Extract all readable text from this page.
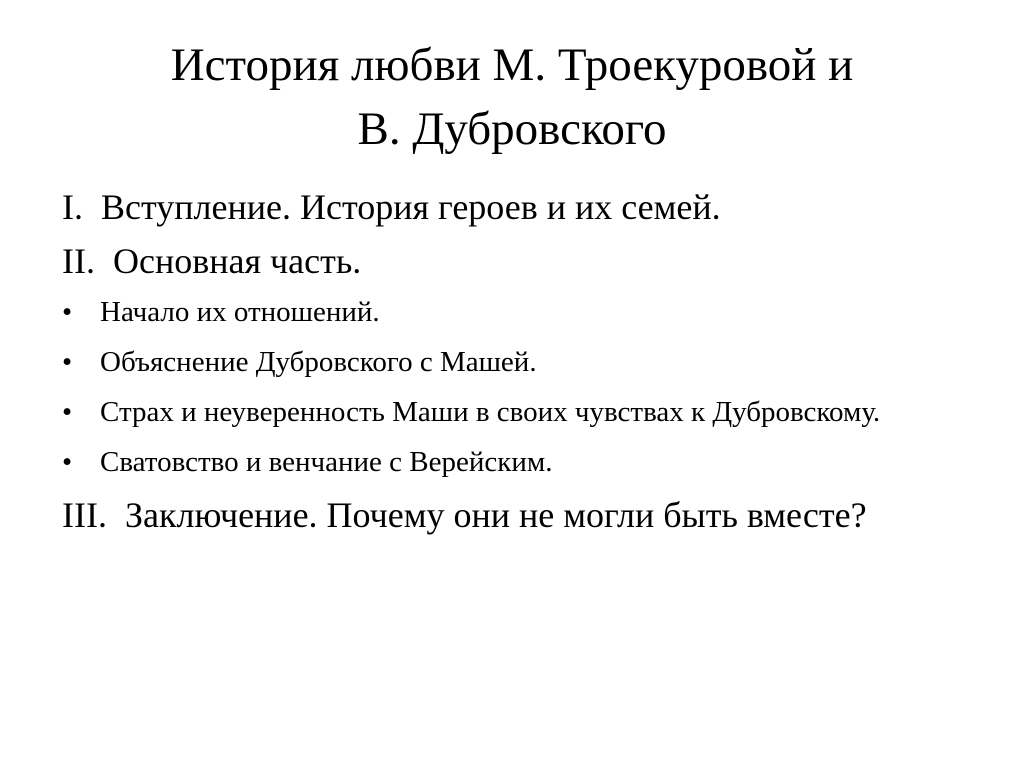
История любви М. Троекуровой и
В. Дубровского
I. Вступление. История героев и их семей.
II. Основная часть.
• Начало их отношений.
• Объяснение Дубровского с Машей.
• Страх и неуверенность Маши в своих чувствах к Дубровскому.
• Сватовство и венчание с Верейским.
III. Заключение. Почему они не могли быть вместе?
